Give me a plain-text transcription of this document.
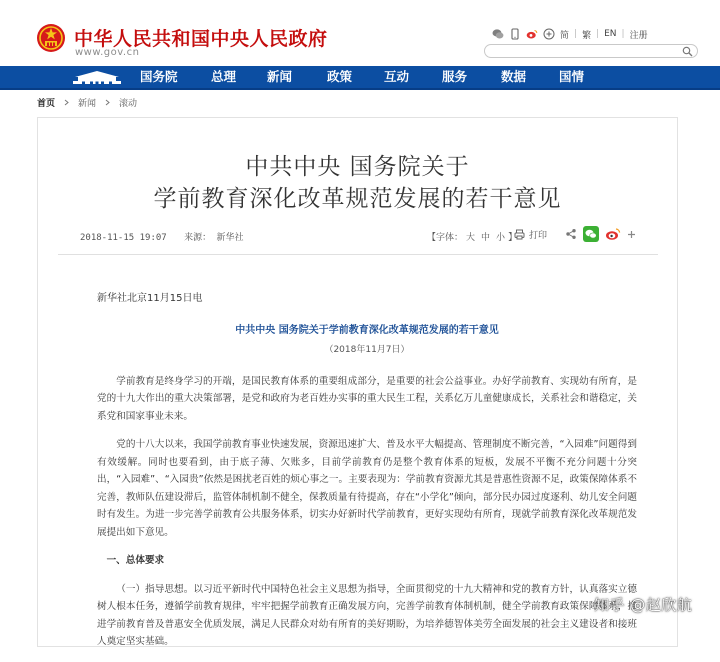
中华人民共和国中央人民政府
www.gov.cn
简 | 繁 | EN | 注册
国务院	总理 新闻	政策	互动	服务	数据	国情
首页	新闻	滚动
中共中央 国务院关于
学前教育深化改革规范发展的若干意见
2018-11-15 19:07 来源： 新华社	【字体： 大 中 小 】 打印
新华社北京11月15日电
中共中央 国务院关于学前教育深化改革规范发展的若干意见
（2018年11月7日）

学前教育是终身学习的开端，是国民教育体系的重要组成部分，是重要的社会公益事业。办好学前教育、实现幼有所育，是党的十九大作出的重大决策部署，是党和政府为老百姓办实事的重大民生工程，关系亿万儿童健康成长，关系社会和谐稳定，关系党和国家事业未来。

党的十八大以来，我国学前教育事业快速发展，资源迅速扩大、普及水平大幅提高、管理制度不断完善，“入园难”问题得到有效缓解。同时也要看到，由于底子薄、欠账多，目前学前教育仍是整个教育体系的短板，发展不平衡不充分问题十分突出，“入园难”、“入园贵”依然是困扰老百姓的烦心事之一。主要表现为：学前教育资源尤其是普惠性资源不足，政策保障体系不完善，教师队伍建设滞后，监管体制机制不健全，保教质量有待提高，存在“小学化”倾向，部分民办园过度逐利、幼儿安全问题时有发生。为进一步完善学前教育公共服务体系，切实办好新时代学前教育，更好实现幼有所育，现就学前教育深化改革规范发展提出如下意见。

一、总体要求

（一）指导思想。以习近平新时代中国特色社会主义思想为指导，全面贯彻党的十九大精神和党的教育方针，认真落实立德树人根本任务，遵循学前教育规律，牢牢把握学前教育正确发展方向，完善学前教育体制机制，健全学前教育政策保障体系，推进学前教育普及普惠安全优质发展，满足人民群众对幼有所育的美好期盼，为培养德智体美劳全面发展的社会主义建设者和接班人奠定坚实基础。

知乎 @赵欣航
